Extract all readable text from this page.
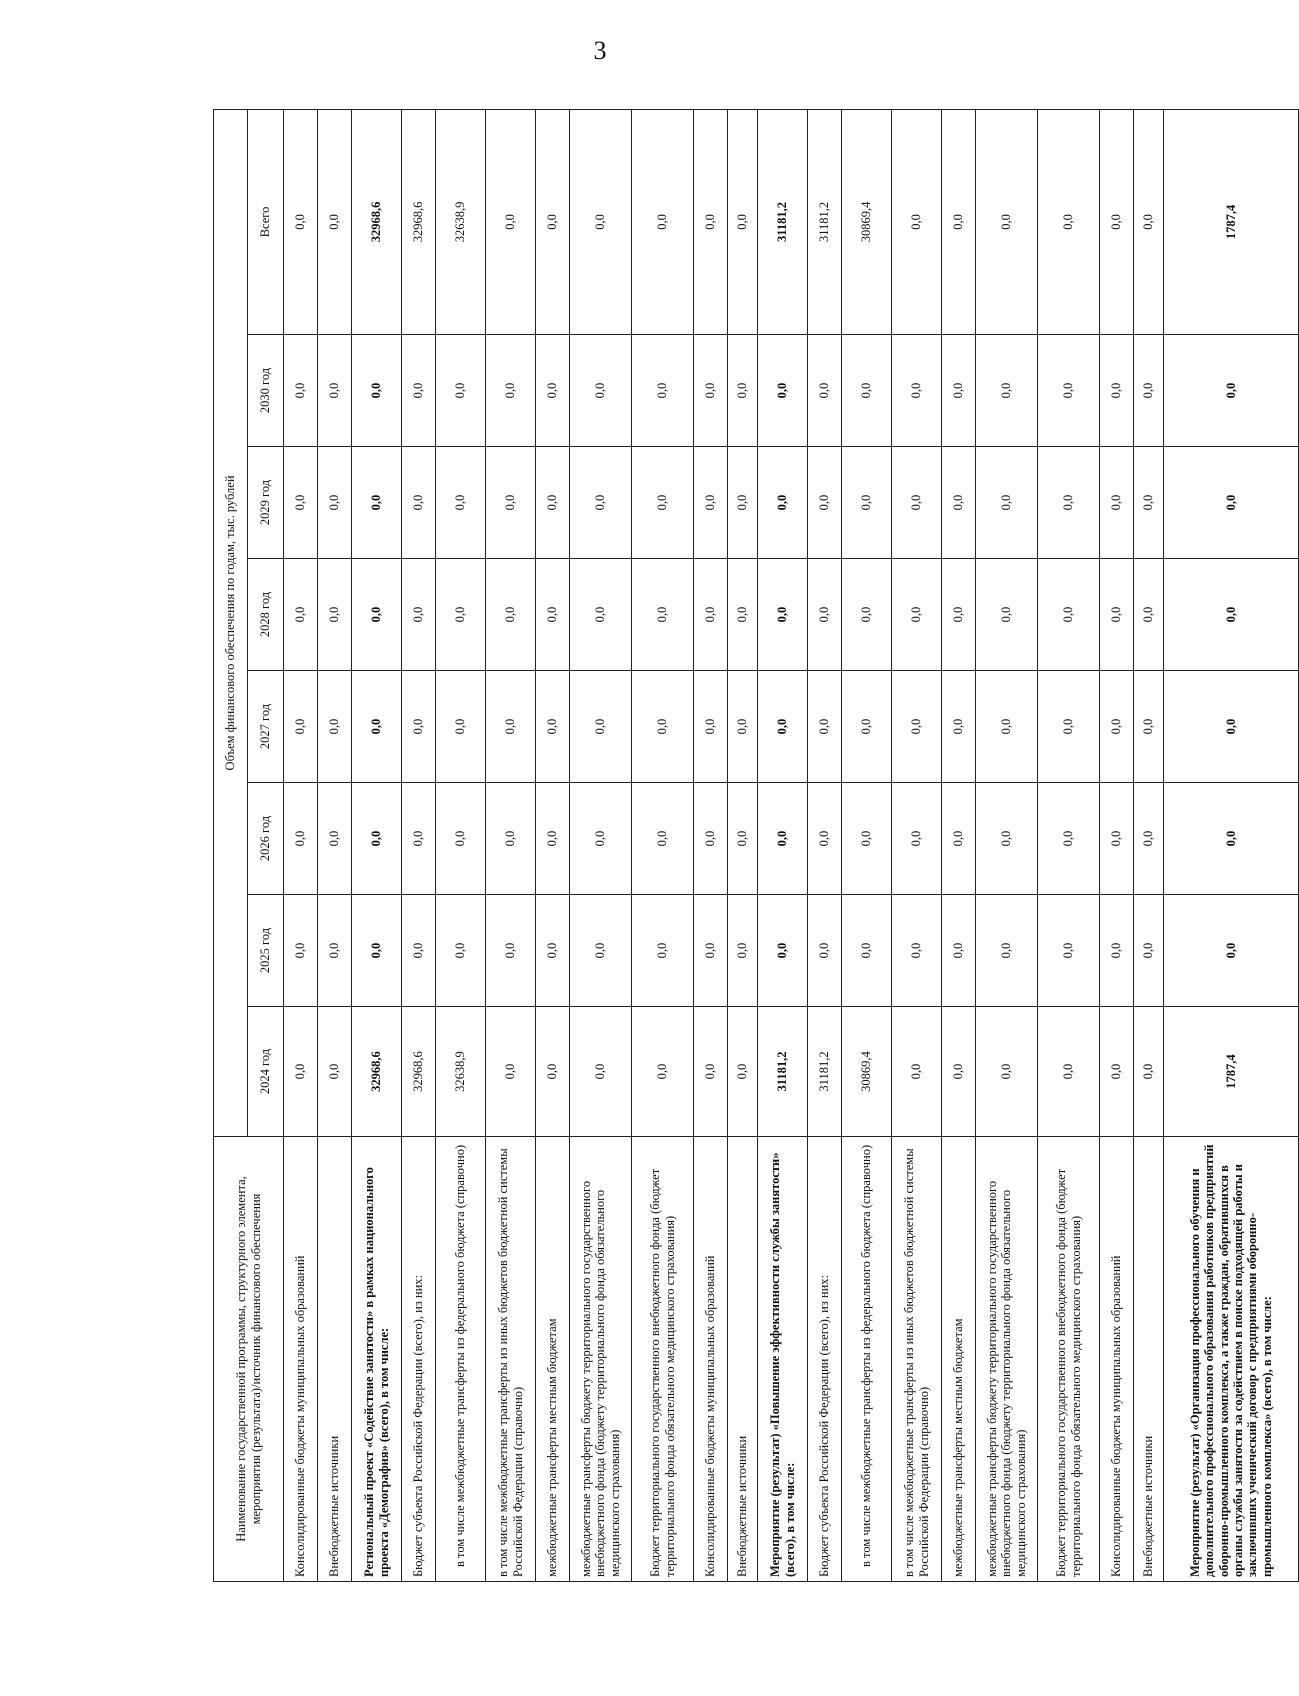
3
Наименование государственной программы, структурного элемента, мероприятия (результата)/источник финансового обеспечения	Объем финансового обеспечения по годам, тыс. рублей							
	2024 год	2025 год	2026 год	2027 год	2028 год	2029 год	2030 год	Всего
Консолидированные бюджеты муниципальных образований	0,0	0,0	0,0	0,0	0,0	0,0	0,0	0,0
Внебюджетные источники	0,0	0,0	0,0	0,0	0,0	0,0	0,0	0,0
Региональный проект «Содействие занятости» в рамках национального проекта «Демография» (всего), в том числе:	32968,6	0,0	0,0	0,0	0,0	0,0	0,0	32968,6
Бюджет субъекта Российской Федерации (всего), из них:	32968,6	0,0	0,0	0,0	0,0	0,0	0,0	32968,6
в том числе межбюджетные трансферты из федерального бюджета (справочно)	32638,9	0,0	0,0	0,0	0,0	0,0	0,0	32638,9
в том числе межбюджетные трансферты из иных бюджетов бюджетной системы Российской Федерации (справочно)	0,0	0,0	0,0	0,0	0,0	0,0	0,0	0,0
межбюджетные трансферты местным бюджетам	0,0	0,0	0,0	0,0	0,0	0,0	0,0	0,0
межбюджетные трансферты бюджету территориального государственного внебюджетного фонда (бюджету территориального фонда обязательного медицинского страхования)	0,0	0,0	0,0	0,0	0,0	0,0	0,0	0,0
Бюджет территориального государственного внебюджетного фонда (бюджет территориального фонда обязательного медицинского страхования)	0,0	0,0	0,0	0,0	0,0	0,0	0,0	0,0
Консолидированные бюджеты муниципальных образований	0,0	0,0	0,0	0,0	0,0	0,0	0,0	0,0
Внебюджетные источники	0,0	0,0	0,0	0,0	0,0	0,0	0,0	0,0
Мероприятие (результат) «Повышение эффективности службы занятости» (всего), в том числе:	31181,2	0,0	0,0	0,0	0,0	0,0	0,0	31181,2
Бюджет субъекта Российской Федерации (всего), из них:	31181,2	0,0	0,0	0,0	0,0	0,0	0,0	31181,2
в том числе межбюджетные трансферты из федерального бюджета (справочно)	30869,4	0,0	0,0	0,0	0,0	0,0	0,0	30869,4
в том числе межбюджетные трансферты из иных бюджетов бюджетной системы Российской Федерации (справочно)	0,0	0,0	0,0	0,0	0,0	0,0	0,0	0,0
межбюджетные трансферты местным бюджетам	0,0	0,0	0,0	0,0	0,0	0,0	0,0	0,0
межбюджетные трансферты бюджету территориального государственного внебюджетного фонда (бюджету территориального фонда обязательного медицинского страхования)	0,0	0,0	0,0	0,0	0,0	0,0	0,0	0,0
Бюджет территориального государственного внебюджетного фонда (бюджет территориального фонда обязательного медицинского страхования)	0,0	0,0	0,0	0,0	0,0	0,0	0,0	0,0
Консолидированные бюджеты муниципальных образований	0,0	0,0	0,0	0,0	0,0	0,0	0,0	0,0
Внебюджетные источники	0,0	0,0	0,0	0,0	0,0	0,0	0,0	0,0
Мероприятие (результат) «Организация профессионального обучения и дополнительного профессионального образования работников предприятий оборонно-промышленного комплекса, а также граждан, обратившихся в органы службы занятости за содействием в поиске подходящей работы и заключивших ученический договор с предприятиями оборонно-промышленного комплекса» (всего), в том числе:	1787,4	0,0	0,0	0,0	0,0	0,0	0,0	1787,4
